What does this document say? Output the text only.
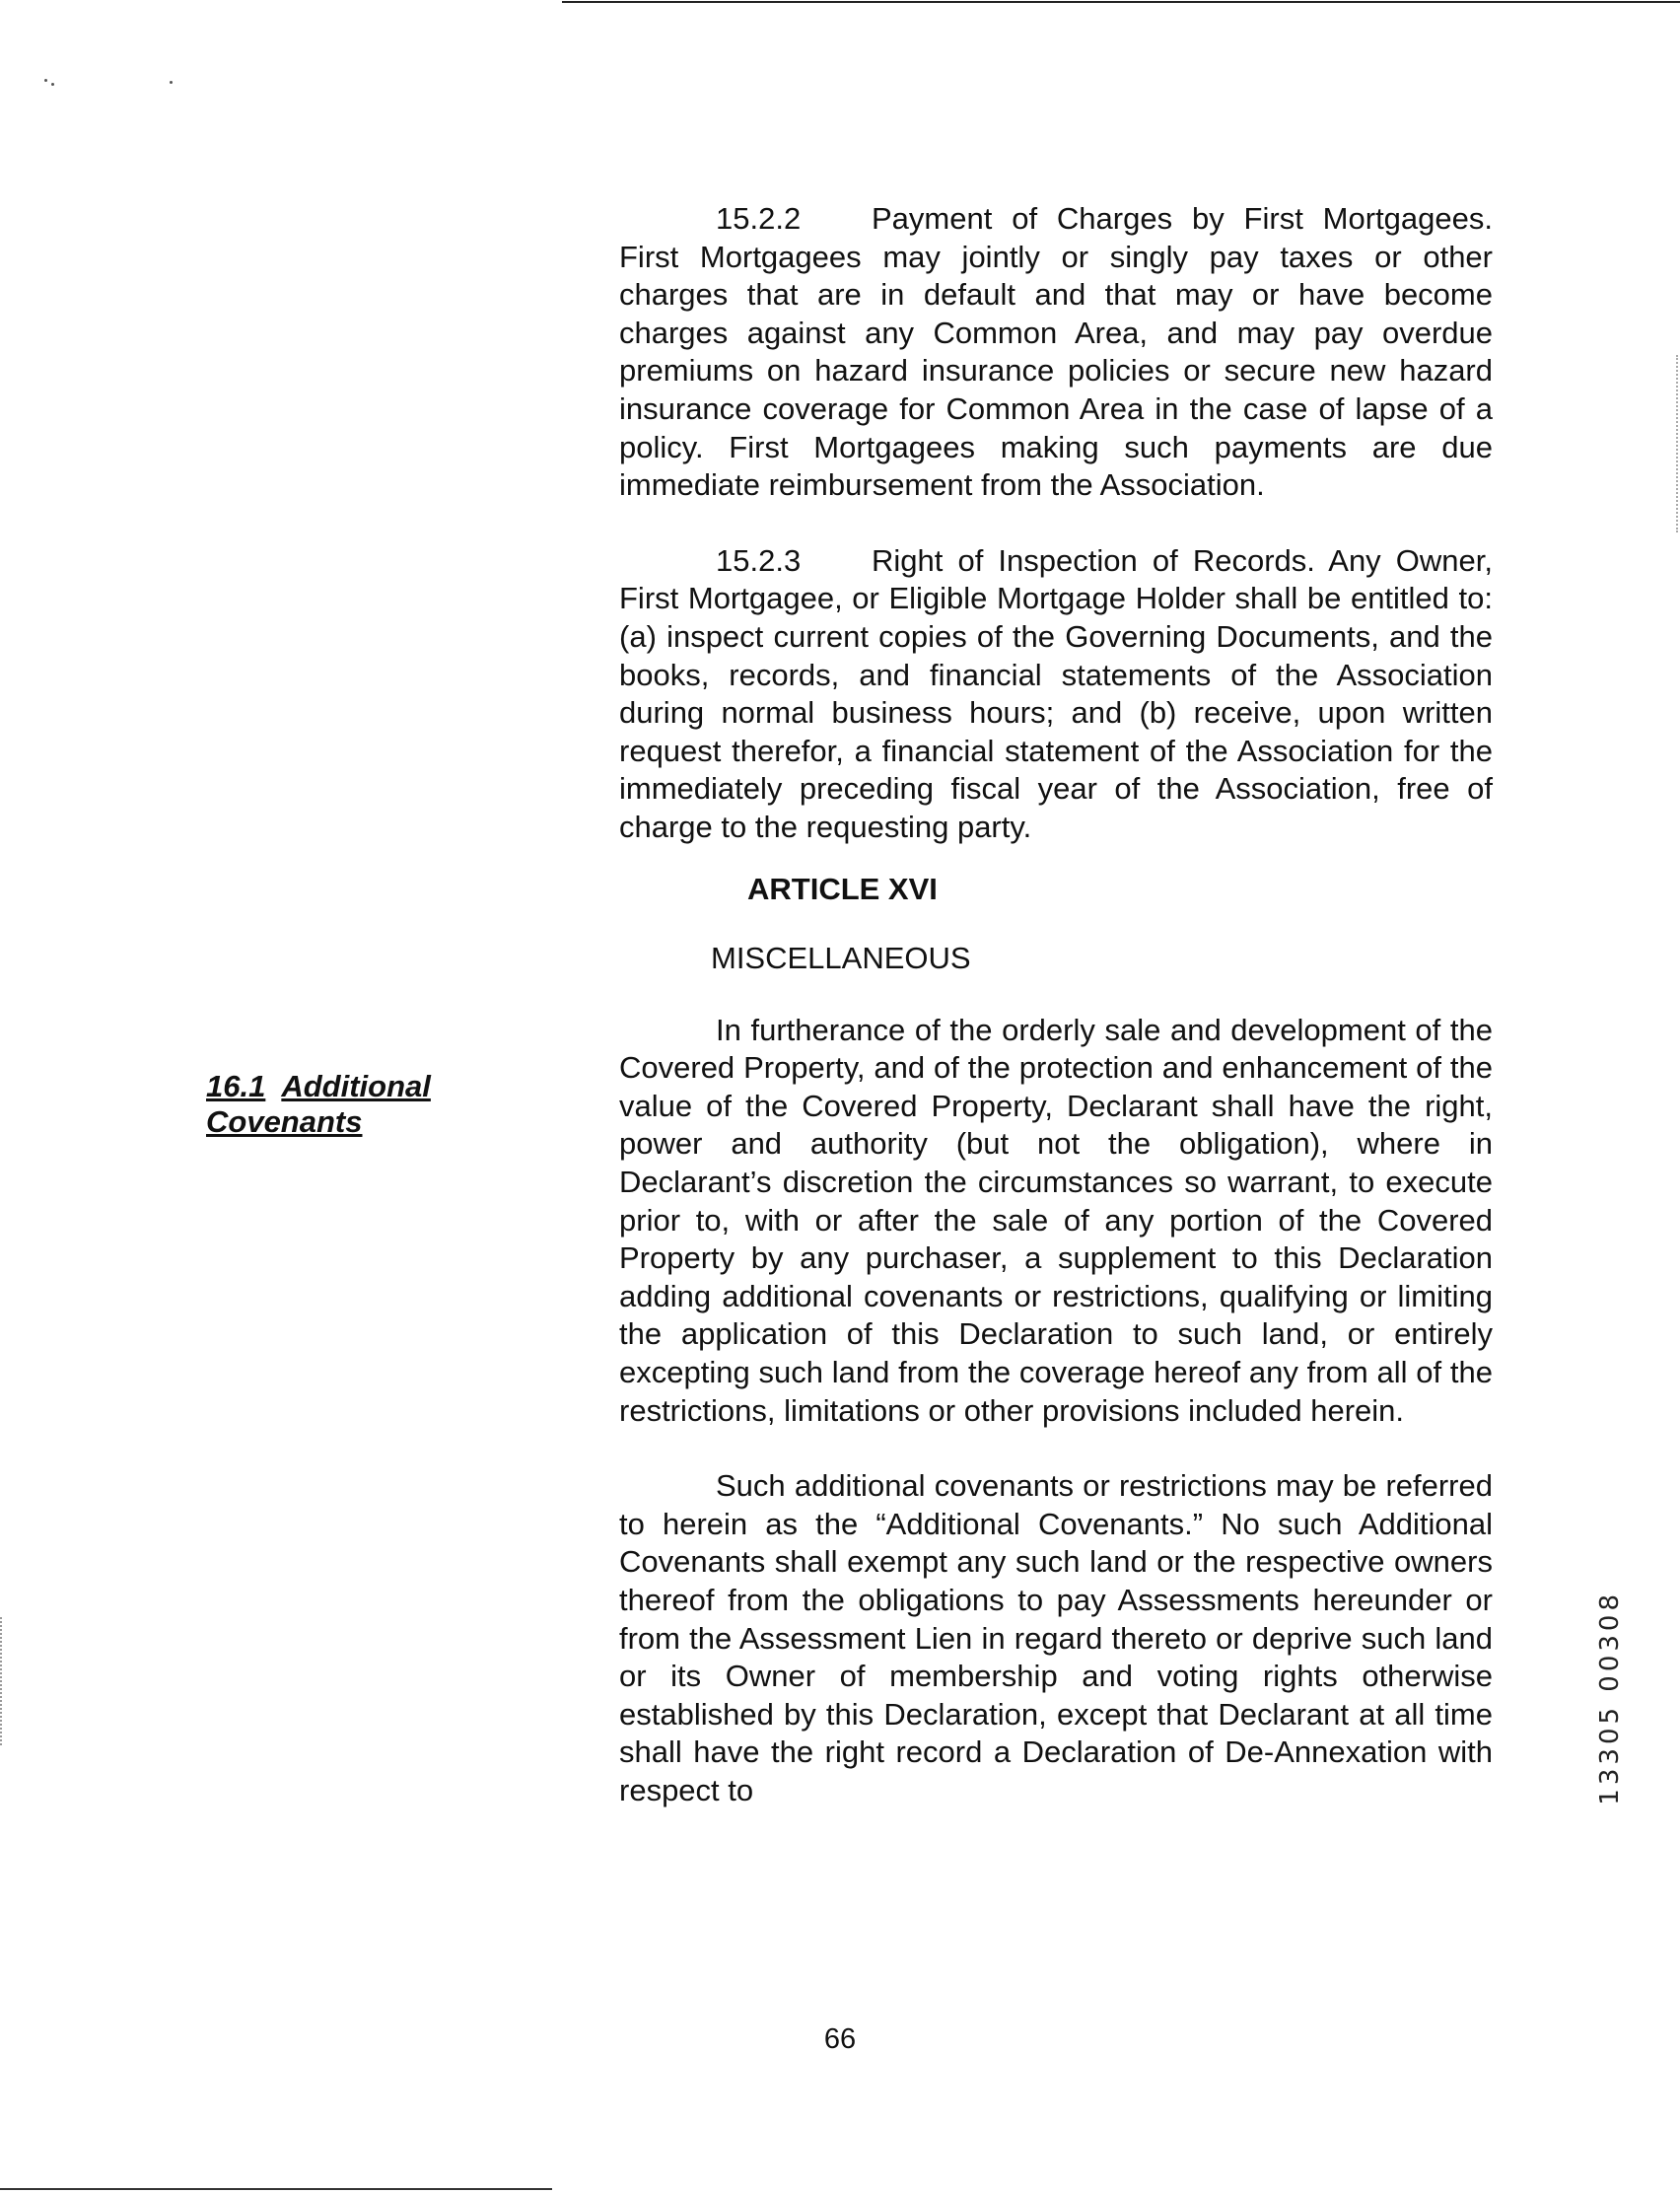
16.1 Additional Covenants

15.2.2 Payment of Charges by First Mortgagees. First Mortgagees may jointly or singly pay taxes or other charges that are in default and that may or have become charges against any Common Area, and may pay overdue premiums on hazard insurance policies or secure new hazard insurance coverage for Common Area in the case of lapse of a policy. First Mortgagees making such payments are due immediate reimbursement from the Association.

15.2.3 Right of Inspection of Records. Any Owner, First Mortgagee, or Eligible Mortgage Holder shall be entitled to: (a) inspect current copies of the Governing Documents, and the books, records, and financial statements of the Association during normal business hours; and (b) receive, upon written request therefor, a financial statement of the Association for the immediately preceding fiscal year of the Association, free of charge to the requesting party.

ARTICLE XVI

MISCELLANEOUS

In furtherance of the orderly sale and development of the Covered Property, and of the protection and enhancement of the value of the Covered Property, Declarant shall have the right, power and authority (but not the obligation), where in Declarant’s discretion the circumstances so warrant, to execute prior to, with or after the sale of any portion of the Covered Property by any purchaser, a supplement to this Declaration adding additional covenants or restrictions, qualifying or limiting the application of this Declaration to such land, or entirely excepting such land from the coverage hereof any from all of the restrictions, limitations or other provisions included herein.

Such additional covenants or restrictions may be referred to herein as the “Additional Covenants.” No such Additional Covenants shall exempt any such land or the respective owners thereof from the obligations to pay Assessments hereunder or from the Assessment Lien in regard thereto or deprive such land or its Owner of membership and voting rights otherwise established by this Declaration, except that Declarant at all time shall have the right record a Declaration of De-Annexation with respect to

66
13305 00308
